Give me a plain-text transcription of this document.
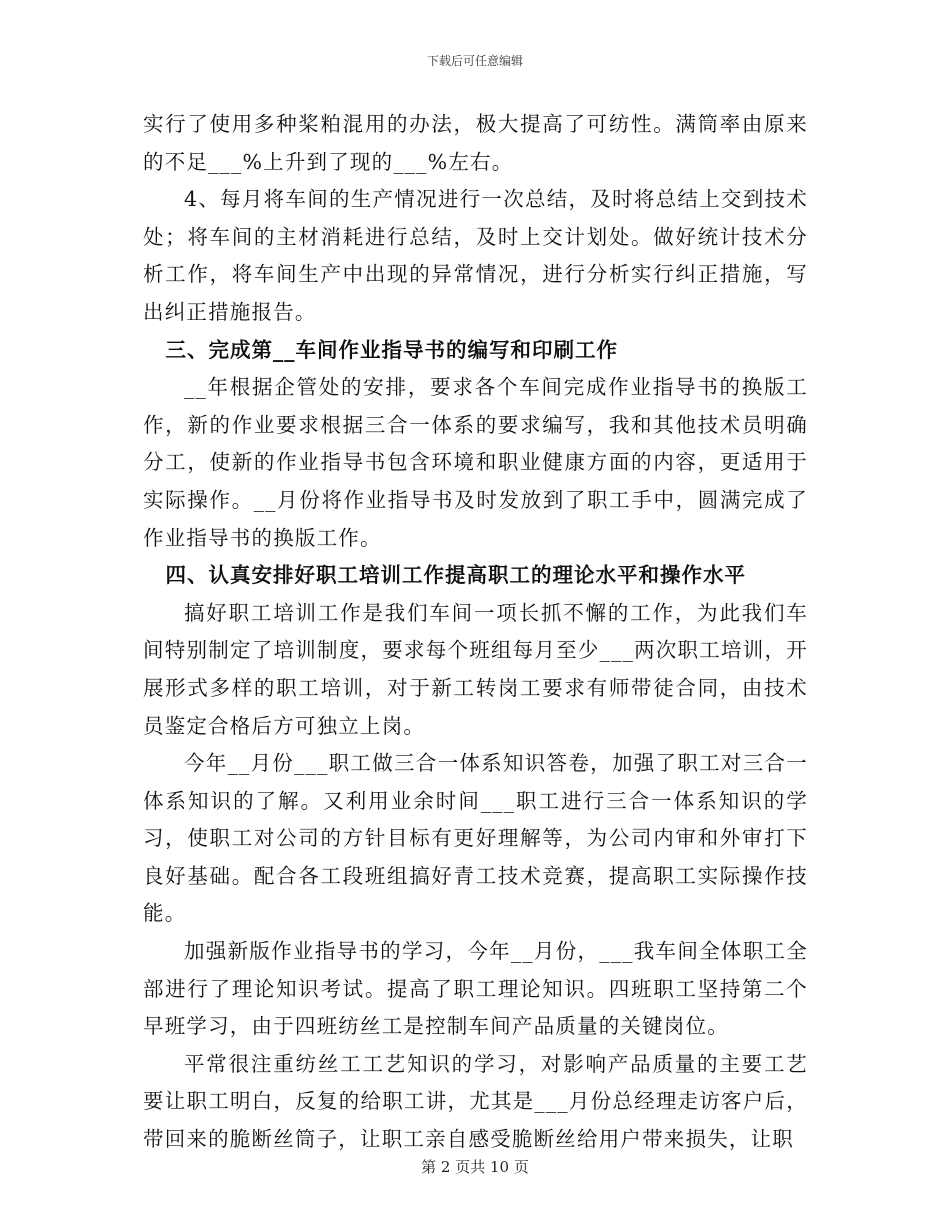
下载后可任意编辑

实行了使用多种桨粕混用的办法，极大提高了可纺性。满筒率由原来的不足___%上升到了现的___%左右。

4、每月将车间的生产情况进行一次总结，及时将总结上交到技术处；将车间的主材消耗进行总结，及时上交计划处。做好统计技术分析工作，将车间生产中出现的异常情况，进行分析实行纠正措施，写出纠正措施报告。

三、完成第__车间作业指导书的编写和印刷工作

__年根据企管处的安排，要求各个车间完成作业指导书的换版工作，新的作业要求根据三合一体系的要求编写，我和其他技术员明确分工，使新的作业指导书包含环境和职业健康方面的内容，更适用于实际操作。__月份将作业指导书及时发放到了职工手中，圆满完成了作业指导书的换版工作。

四、认真安排好职工培训工作提高职工的理论水平和操作水平

搞好职工培训工作是我们车间一项长抓不懈的工作，为此我们车间特别制定了培训制度，要求每个班组每月至少___两次职工培训，开展形式多样的职工培训，对于新工转岗工要求有师带徒合同，由技术员鉴定合格后方可独立上岗。

今年__月份___职工做三合一体系知识答卷，加强了职工对三合一体系知识的了解。又利用业余时间___职工进行三合一体系知识的学习，使职工对公司的方针目标有更好理解等，为公司内审和外审打下良好基础。配合各工段班组搞好青工技术竞赛，提高职工实际操作技能。

加强新版作业指导书的学习，今年__月份，___我车间全体职工全部进行了理论知识考试。提高了职工理论知识。四班职工坚持第二个早班学习，由于四班纺丝工是控制车间产品质量的关键岗位。

平常很注重纺丝工工艺知识的学习，对影响产品质量的主要工艺要让职工明白，反复的给职工讲，尤其是___月份总经理走访客户后，带回来的脆断丝筒子，让职工亲自感受脆断丝给用户带来损失，让职

第 2 页共 10 页
